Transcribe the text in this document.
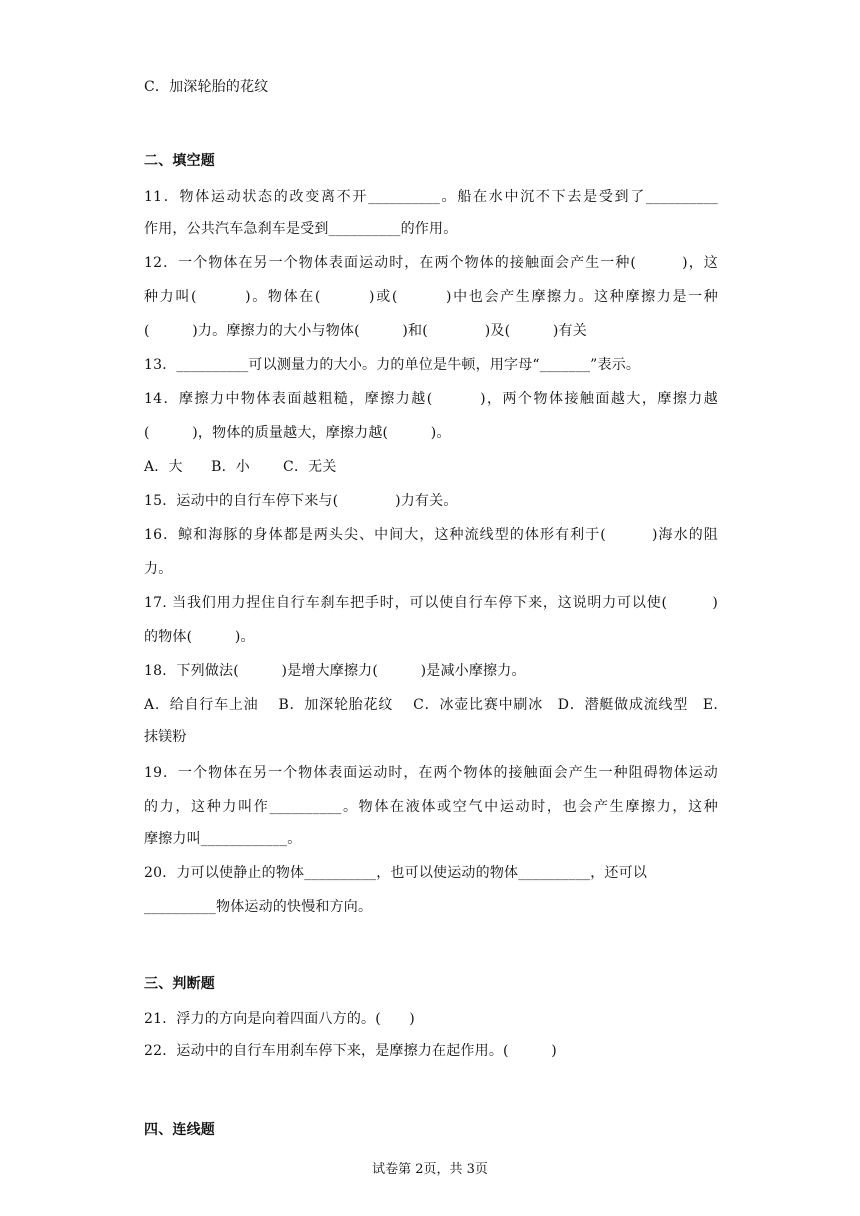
C．加深轮胎的花纹
二、填空题
11．物体运动状态的改变离不开__________。船在水中沉不下去是受到了__________
作用，公共汽车急刹车是受到__________的作用。
12．一个物体在另一个物体表面运动时，在两个物体的接触面会产生一种(　　　)，这
种力叫(　　　)。物体在(　　　)或(　　　)中也会产生摩擦力。这种摩擦力是一种
(　　　)力。摩擦力的大小与物体(　　　)和(　　　　)及(　　　)有关
13．__________可以测量力的大小。力的单位是牛顿，用字母“_______”表示。
14．摩擦力中物体表面越粗糙，摩擦力越(　　　)，两个物体接触面越大，摩擦力越
(　　　)，物体的质量越大，摩擦力越(　　　)。
A．大　　B．小　　 C．无关
15．运动中的自行车停下来与(　　　　)力有关。
16．鲸和海豚的身体都是两头尖、中间大，这种流线型的体形有利于(　　　)海水的阻
力。
17. 当我们用力捏住自行车刹车把手时，可以使自行车停下来，这说明力可以使(　　　)
的物体(　　　)。
18．下列做法(　　　)是增大摩擦力(　　　)是减小摩擦力。
A．给自行车上油　 B．加深轮胎花纹　 C．冰壶比赛中刷冰　D．潜艇做成流线型　E.
抹镁粉
19．一个物体在另一个物体表面运动时，在两个物体的接触面会产生一种阻碍物体运动
的力，这种力叫作__________。物体在液体或空气中运动时，也会产生摩擦力，这种
摩擦力叫____________。
20．力可以使静止的物体__________，也可以使运动的物体__________，还可以
__________物体运动的快慢和方向。
三、判断题
21．浮力的方向是向着四面八方的。(　　)
22．运动中的自行车用刹车停下来，是摩擦力在起作用。(　　　)
四、连线题
试卷第 2页，共 3页
